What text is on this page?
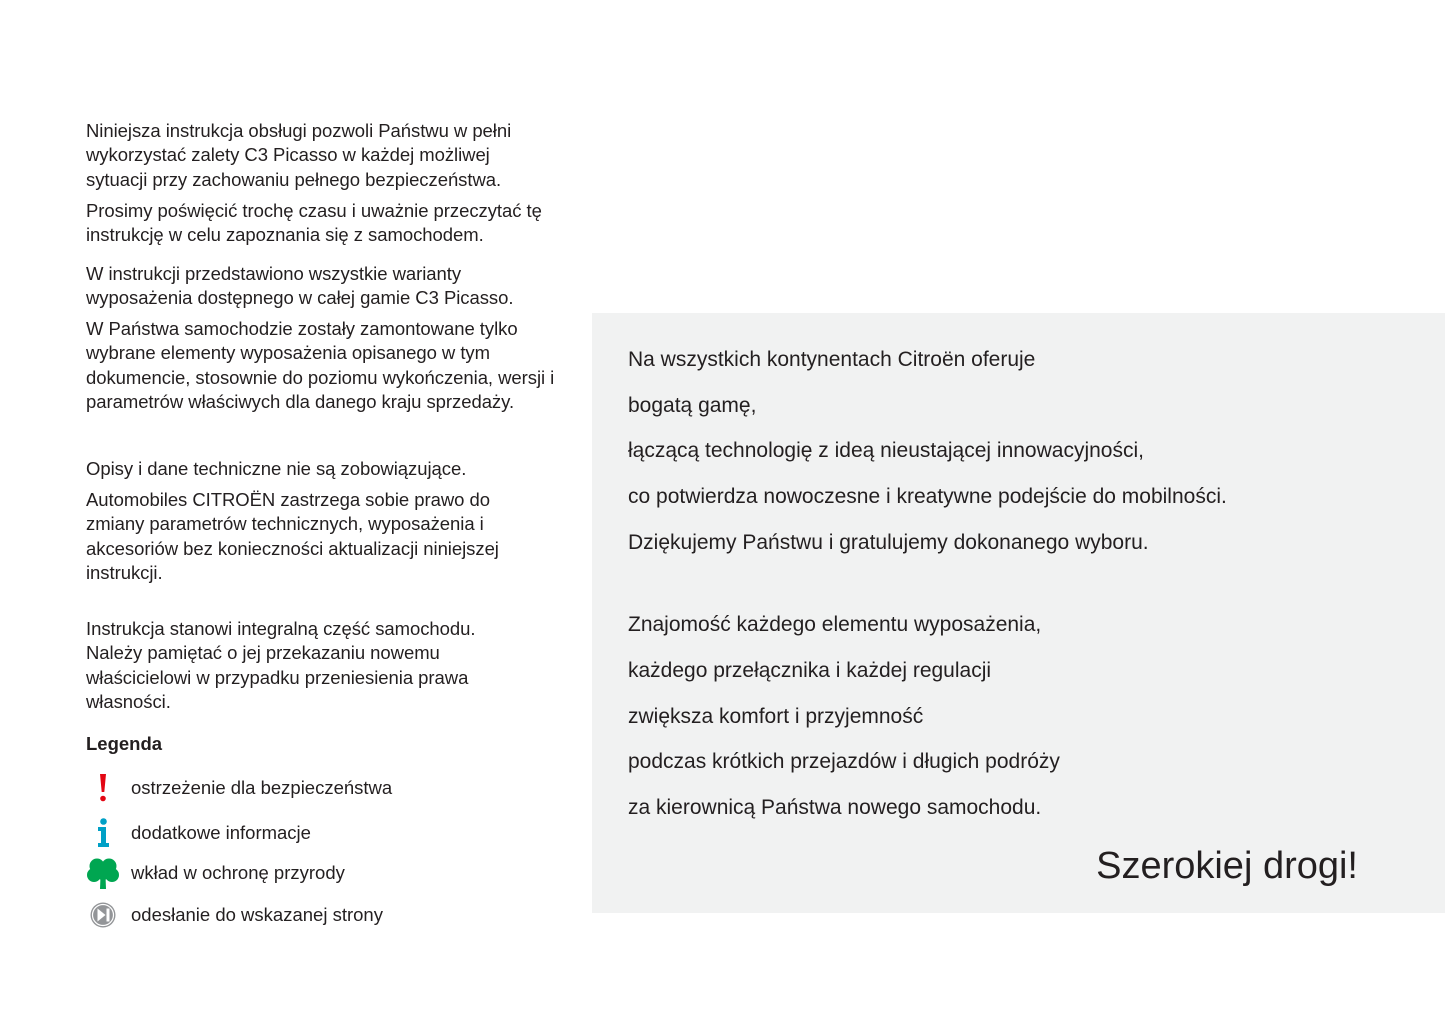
Niniejsza instrukcja obsługi pozwoli Państwu w pełni wykorzystać zalety C3 Picasso w każdej możliwej sytuacji przy zachowaniu pełnego bezpieczeństwa.

Prosimy poświęcić trochę czasu i uważnie przeczytać tę instrukcję w celu zapoznania się z samochodem.

W instrukcji przedstawiono wszystkie warianty wyposażenia dostępnego w całej gamie C3 Picasso.

W Państwa samochodzie zostały zamontowane tylko wybrane elementy wyposażenia opisanego w tym dokumencie, stosownie do poziomu wykończenia, wersji i parametrów właściwych dla danego kraju sprzedaży.

Opisy i dane techniczne nie są zobowiązujące.

Automobiles CITROËN zastrzega sobie prawo do zmiany parametrów technicznych, wyposażenia i akcesoriów bez konieczności aktualizacji niniejszej instrukcji.

Instrukcja stanowi integralną część samochodu. Należy pamiętać o jej przekazaniu nowemu właścicielowi w przypadku przeniesienia prawa własności.

Legenda

ostrzeżenie dla bezpieczeństwa
dodatkowe informacje
wkład w ochronę przyrody
odesłanie do wskazanej strony
Na wszystkich kontynentach Citroën oferuje
bogatą gamę,
łączącą technologię z ideą nieustającej innowacyjności,
co potwierdza nowoczesne i kreatywne podejście do mobilności.
Dziękujemy Państwu i gratulujemy dokonanego wyboru.
Znajomość każdego elementu wyposażenia,
każdego przełącznika i każdej regulacji
zwiększa komfort i przyjemność
podczas krótkich przejazdów i długich podróży
za kierownicą Państwa nowego samochodu.
Szerokiej drogi!
